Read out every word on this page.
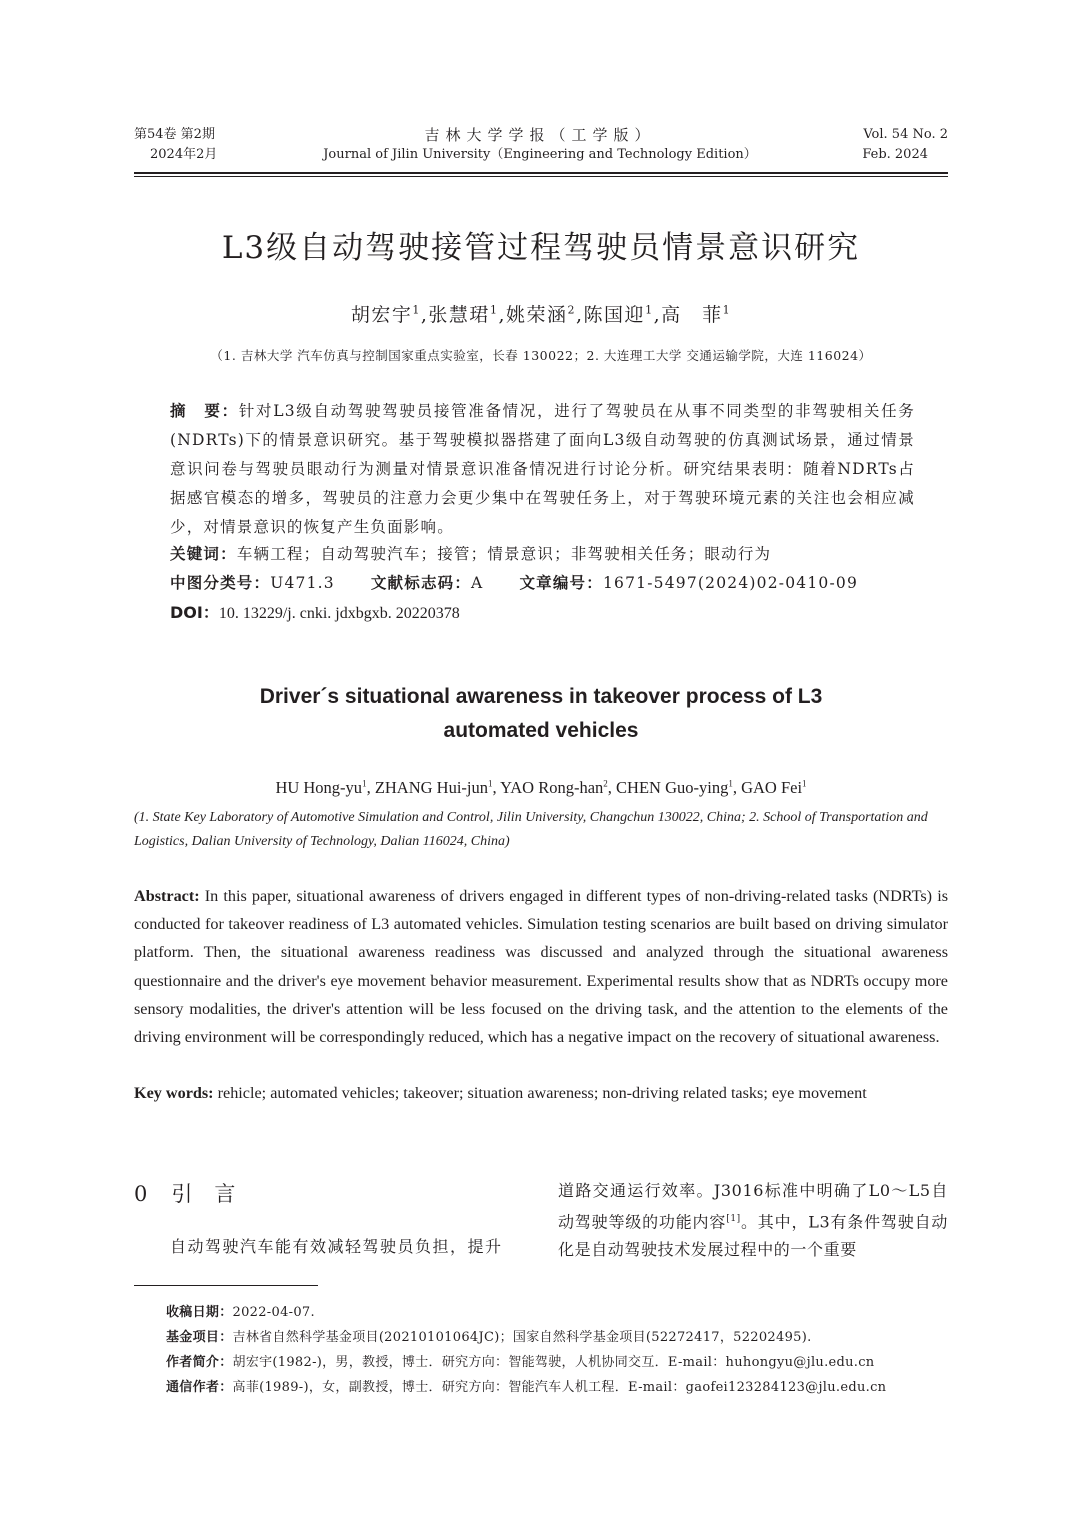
第54卷 第2期
2024年2月
吉林大学学报（工学版）
Journal of Jilin University（Engineering and Technology Edition）
Vol. 54 No. 2
Feb. 2024
L3级自动驾驶接管过程驾驶员情景意识研究
胡宏宇$^1$,张慧珺$^1$,姚荣涵$^2$,陈国迎$^1$,高　菲$^1$
（1. 吉林大学 汽车仿真与控制国家重点实验室，长春 130022；2. 大连理工大学 交通运输学院，大连 116024）
摘　要：针对L3级自动驾驶驾驶员接管准备情况，进行了驾驶员在从事不同类型的非驾驶相关任务(NDRTs)下的情景意识研究。基于驾驶模拟器搭建了面向L3级自动驾驶的仿真测试场景，通过情景意识问卷与驾驶员眼动行为测量对情景意识准备情况进行讨论分析。研究结果表明：随着NDRTs占据感官模态的增多，驾驶员的注意力会更少集中在驾驶任务上，对于驾驶环境元素的关注也会相应减少，对情景意识的恢复产生负面影响。
关键词：车辆工程；自动驾驶汽车；接管；情景意识；非驾驶相关任务；眼动行为
中图分类号：U471.3 文献标志码：A 文章编号：1671-5497(2024)02-0410-09
DOI：10. 13229/j. cnki. jdxbgxb. 20220378
Driver´s situational awareness in takeover process of L3
automated vehicles
HU Hong-$yu^1$, ZHANG Hui-jun$^1$, YAO Rong-han$^2$, CHEN Guo-ying$^1$, GAO Fei$^1$
(1. State Key Laboratory of Automotive Simulation and Control, Jilin University, Changchun 130022, China; 2. School of Transportation and Logistics, Dalian University of Technology, Dalian 116024, China)
Abstract: In this paper, situational awareness of drivers engaged in different types of non-driving-related tasks (NDRTs) is conducted for takeover readiness of L3 automated vehicles. Simulation testing scenarios are built based on driving simulator platform. Then, the situational awareness readiness was discussed and analyzed through the situational awareness questionnaire and the driver's eye movement behavior measurement. Experimental results show that as NDRTs occupy more sensory modalities, the driver's attention will be less focused on the driving task, and the attention to the elements of the driving environment will be correspondingly reduced, which has a negative impact on the recovery of situational awareness.
Key words: rehicle; automated vehicles; takeover; situation awareness; non-driving related tasks; eye movement
0 引言
自动驾驶汽车能有效减轻驾驶员负担，提升
道路交通运行效率。J3016标准中明确了L0～L5自动驾驶等级的功能内容[1]。其中，L3有条件驾驶自动化是自动驾驶技术发展过程中的一个重要
收稿日期：2022-04-07.
基金项目：吉林省自然科学基金项目(20210101064JC)；国家自然科学基金项目(52272417，52202495).
作者简介：胡宏宇(1982-)，男，教授，博士．研究方向：智能驾驶，人机协同交互．E-mail：huhongyu@jlu.edu.cn
通信作者：高菲(1989-)，女，副教授，博士．研究方向：智能汽车人机工程．E-mail：gaofei123284123@jlu.edu.cn
